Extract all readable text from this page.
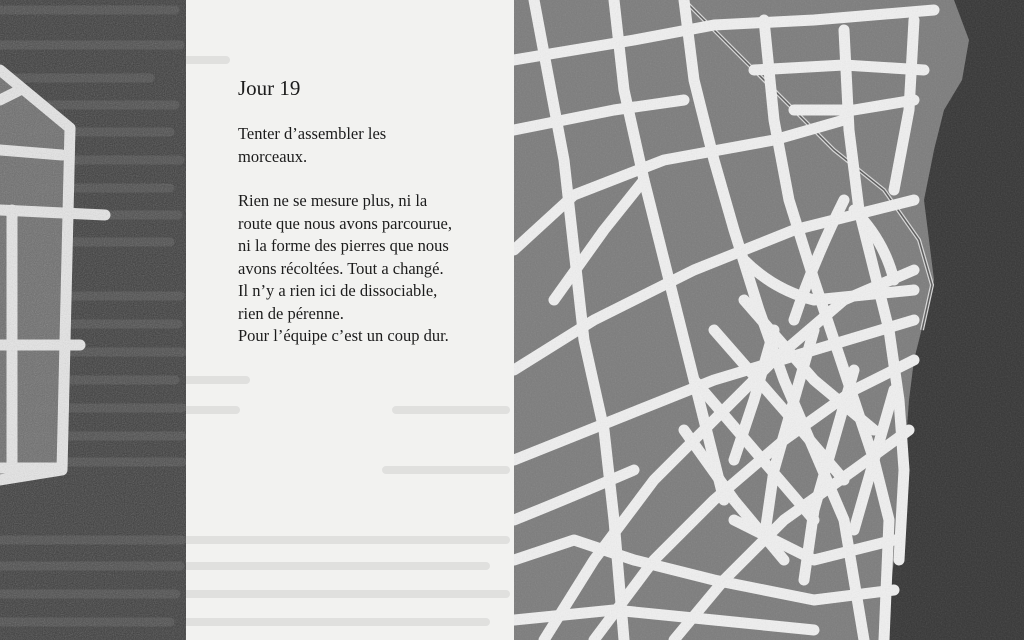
Jour 19

Tenter d’assembler les
morceaux.

Rien ne se mesure plus, ni la
route que nous avons parcourue,
ni la forme des pierres que nous
avons récoltées. Tout a changé.
Il n’y a rien ici de dissociable,
rien de pérenne.
Pour l’équipe c’est un coup dur.
